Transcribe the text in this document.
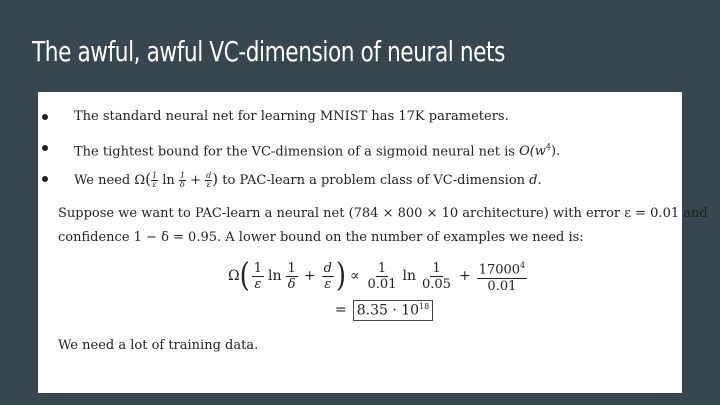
The awful, awful VC-dimension of neural nets
The standard neural net for learning MNIST has 17K parameters.
The tightest bound for the VC-dimension of a sigmoid neural net is $O(w^4)$.
We need $\Omega( \frac{1}{\varepsilon}$ $\ln \frac{1}{\delta} + \frac{d}{\varepsilon}$ ) to PAC-learn a problem class of VC-dimension d.
Suppose we want to PAC-learn a neural net (784 × 800 × 10 architecture) with error ε = 0.01 and
confidence 1 − δ = 0.95. A lower bound on the number of examples we need is:
Ω ( $\frac{1}{\varepsilon}$ $\ln \frac{1}{\delta} + \frac{d}{\varepsilon}$ ) ∝ $\frac{1}{0.01}$ $\ln \frac{1}{0.05} + \frac{17000^4}{0.01}$
= $8.35 \cdot 10^{18}$
We need a lot of training data.
